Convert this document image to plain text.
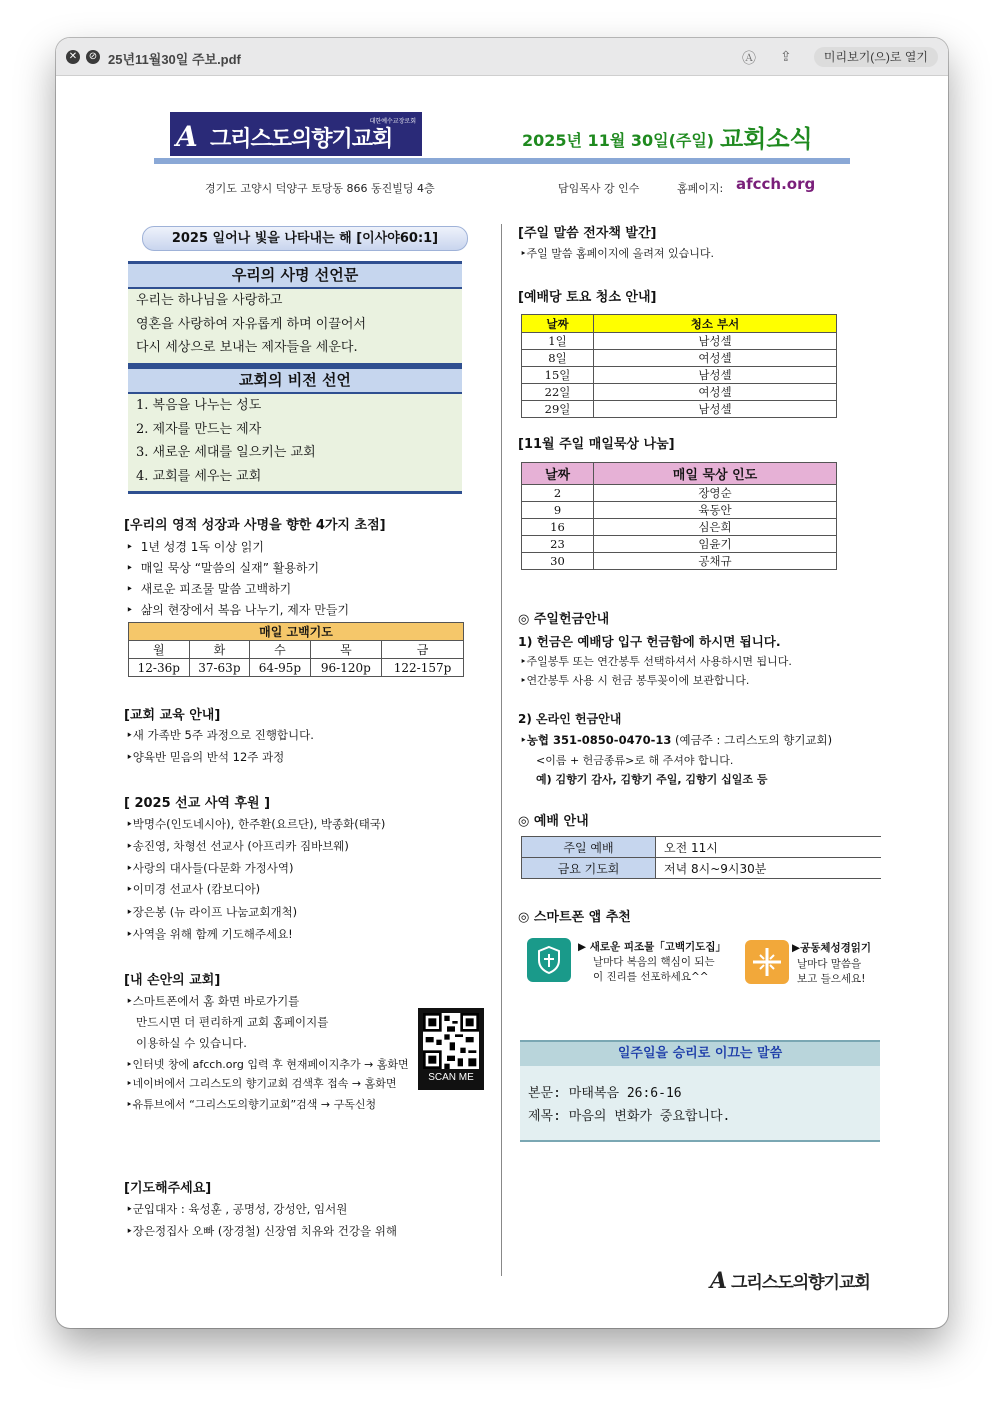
✕ ⊘ 25년11월30일 주보.pdf	Ⓐ ⇪	미리보기(으)로 열기
A 그리스도의향기교회
대한예수교장로회
2025년 11월 30일(주일) 교회소식
경기도 고양시 덕양구 토당동 866 동진빌딩 4층	담임목사 강 인수	홈페이지: afcch.org
2025 일어나 빛을 나타내는 해 [이사야60:1]
우리의 사명 선언문
우리는 하나님을 사랑하고
영혼을 사랑하여 자유롭게 하며 이끌어서
다시 세상으로 보내는 제자들을 세운다.
교회의 비전 선언
1. 복음을 나누는 성도
2. 제자를 만드는 제자
3. 새로운 세대를 일으키는 교회
4. 교회를 세우는 교회
[우리의 영적 성장과 사명을 향한 4가지 초점]
‣  1년 성경 1독 이상 읽기
‣  매일 묵상 “말씀의 실재” 활용하기
‣  새로운 피조물 말씀 고백하기
‣  삶의 현장에서 복음 나누기, 제자 만들기
매일 고백기도				
월	화	수	목	금
12-36p	37-63p	64-95p	96-120p	122-157p
[교회 교육 안내]
‣새 가족반 5주 과정으로 진행합니다.
‣양육반 믿음의 반석 12주 과정
[ 2025 선교 사역 후원 ]
‣박명수(인도네시아), 한주환(요르단), 박종화(태국)
‣송진영, 차형선 선교사 (아프리카 짐바브웨)
‣사랑의 대사들(다문화 가정사역)
‣이미경 선교사 (캄보디아)
‣장은봉 (뉴 라이프 나눔교회개척)
‣사역을 위해 함께 기도해주세요!
[내 손안의 교회]
‣스마트폰에서 홈 화면 바로가기를
만드시면 더 편리하게 교회 홈페이지를
이용하실 수 있습니다.
‣인터넷 창에 afcch.org 입력 후 현재페이지추가 → 홈화면
‣네이버에서 그리스도의 향기교회 검색후 접속 → 홈화면
‣유튜브에서 “그리스도의향기교회”검색 → 구독신청
SCAN ME
[기도해주세요]
‣군입대자 : 육성훈 , 공명성, 강성안, 임서원
‣장은정집사 오빠 (장경철) 신장염 치유와 건강을 위해
[주일 말씀 전자책 발간]
‣주일 말씀 홈페이지에 올려져 있습니다.
[예배당 토요 청소 안내]
날짜	청소 부서
1일	남성셀
8일	여성셀
15일	남성셀
22일	여성셀
29일	남성셀
[11월 주일 매일묵상 나눔]
날짜	매일 묵상 인도
2	장영순
9	육동안
16	심은희
23	임윤기
30	공채규
◎ 주일헌금안내
1) 헌금은 예배당 입구 헌금함에 하시면 됩니다.
‣주일봉투 또는 연간봉투 선택하셔서 사용하시면 됩니다.
‣연간봉투 사용 시 헌금 봉투꽂이에 보관합니다.
2) 온라인 헌금안내
‣농협 351-0850-0470-13 (예금주 : 그리스도의 향기교회)
<이름 + 헌금종류>로 해 주셔야 합니다.
예) 김향기 감사, 김향기 주일, 김향기 십일조 등
◎ 예배 안내
주일 예배	오전 11시
금요 기도회	저녁 8시~9시30분
◎ 스마트폰 앱 추천
▶ 새로운 피조물「고백기도집」
날마다 복음의 핵심이 되는
이 진리를 선포하세요^^
▶공동체성경읽기
날마다 말씀을
보고 들으세요!
일주일을 승리로 이끄는 말씀
본문: 마태복음 26:6-16
제목: 마음의 변화가 중요합니다.
A 그리스도의향기교회
